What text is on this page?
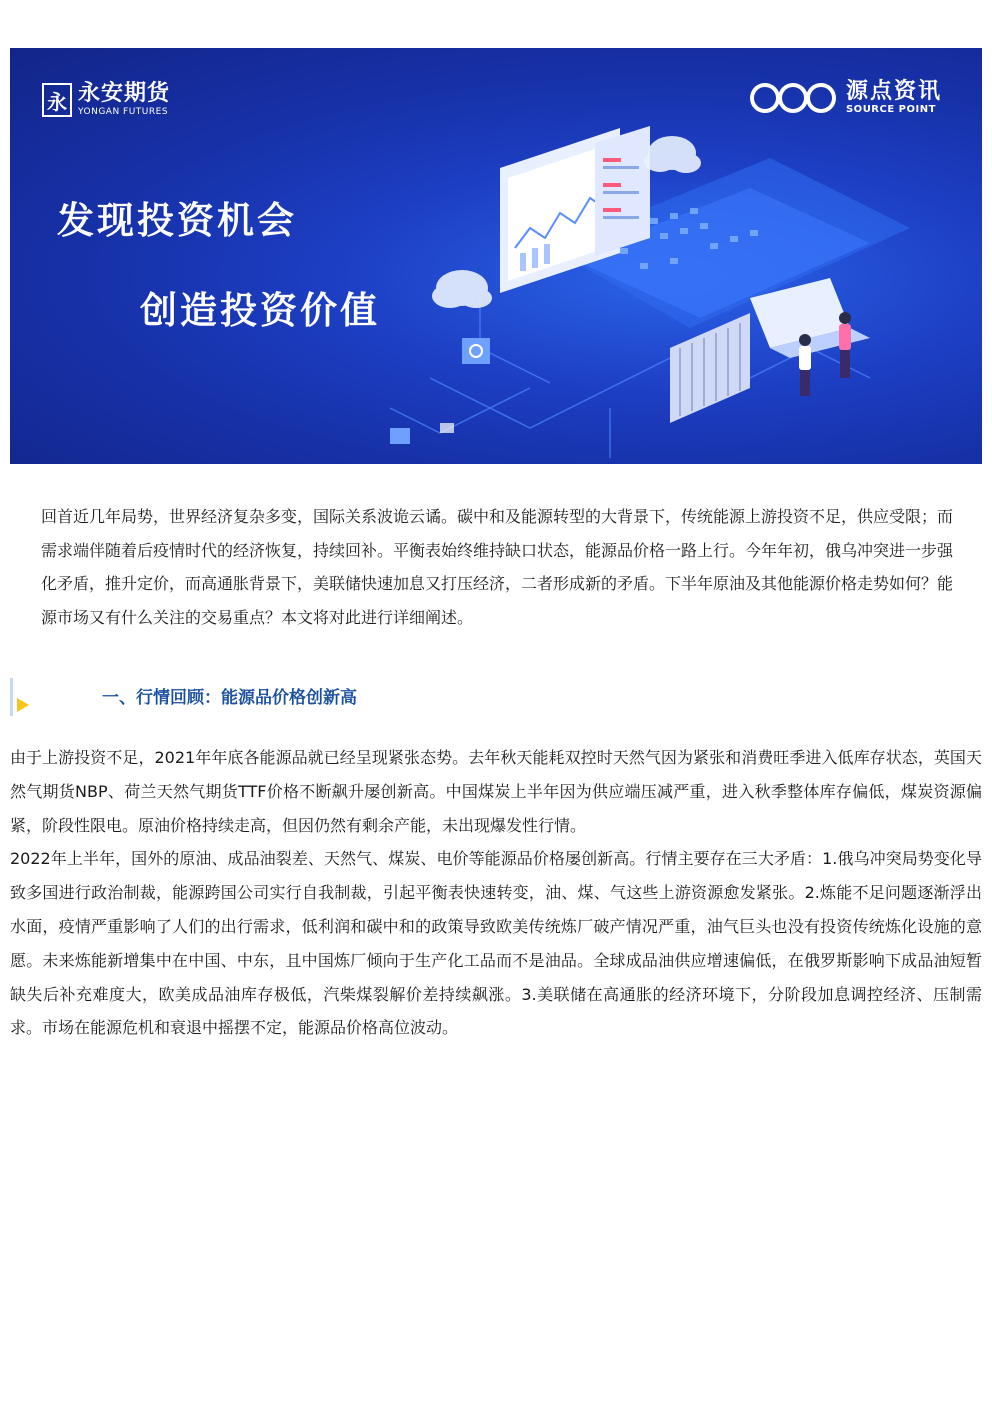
永 永安期货
YONGAN FUTURES
源点资讯
SOURCE POINT
发现投资机会
创造投资价值

回首近几年局势，世界经济复杂多变，国际关系波诡云谲。碳中和及能源转型的大背景下，传统能源上游投资不足，供应受限；而需求端伴随着后疫情时代的经济恢复，持续回补。平衡表始终维持缺口状态，能源品价格一路上行。今年年初，俄乌冲突进一步强化矛盾，推升定价，而高通胀背景下，美联储快速加息又打压经济，二者形成新的矛盾。下半年原油及其他能源价格走势如何？能源市场又有什么关注的交易重点？本文将对此进行详细阐述。

一、行情回顾：能源品价格创新高

由于上游投资不足，2021年年底各能源品就已经呈现紧张态势。去年秋天能耗双控时天然气因为紧张和消费旺季进入低库存状态，英国天然气期货NBP、荷兰天然气期货TTF价格不断飙升屡创新高。中国煤炭上半年因为供应端压减严重，进入秋季整体库存偏低，煤炭资源偏紧，阶段性限电。原油价格持续走高，但因仍然有剩余产能，未出现爆发性行情。

2022年上半年，国外的原油、成品油裂差、天然气、煤炭、电价等能源品价格屡创新高。行情主要存在三大矛盾：1.俄乌冲突局势变化导致多国进行政治制裁，能源跨国公司实行自我制裁，引起平衡表快速转变，油、煤、气这些上游资源愈发紧张。2.炼能不足问题逐渐浮出水面，疫情严重影响了人们的出行需求，低利润和碳中和的政策导致欧美传统炼厂破产情况严重，油气巨头也没有投资传统炼化设施的意愿。未来炼能新增集中在中国、中东，且中国炼厂倾向于生产化工品而不是油品。全球成品油供应增速偏低，在俄罗斯影响下成品油短暂缺失后补充难度大，欧美成品油库存极低，汽柴煤裂解价差持续飙涨。3.美联储在高通胀的经济环境下，分阶段加息调控经济、压制需求。市场在能源危机和衰退中摇摆不定，能源品价格高位波动。
